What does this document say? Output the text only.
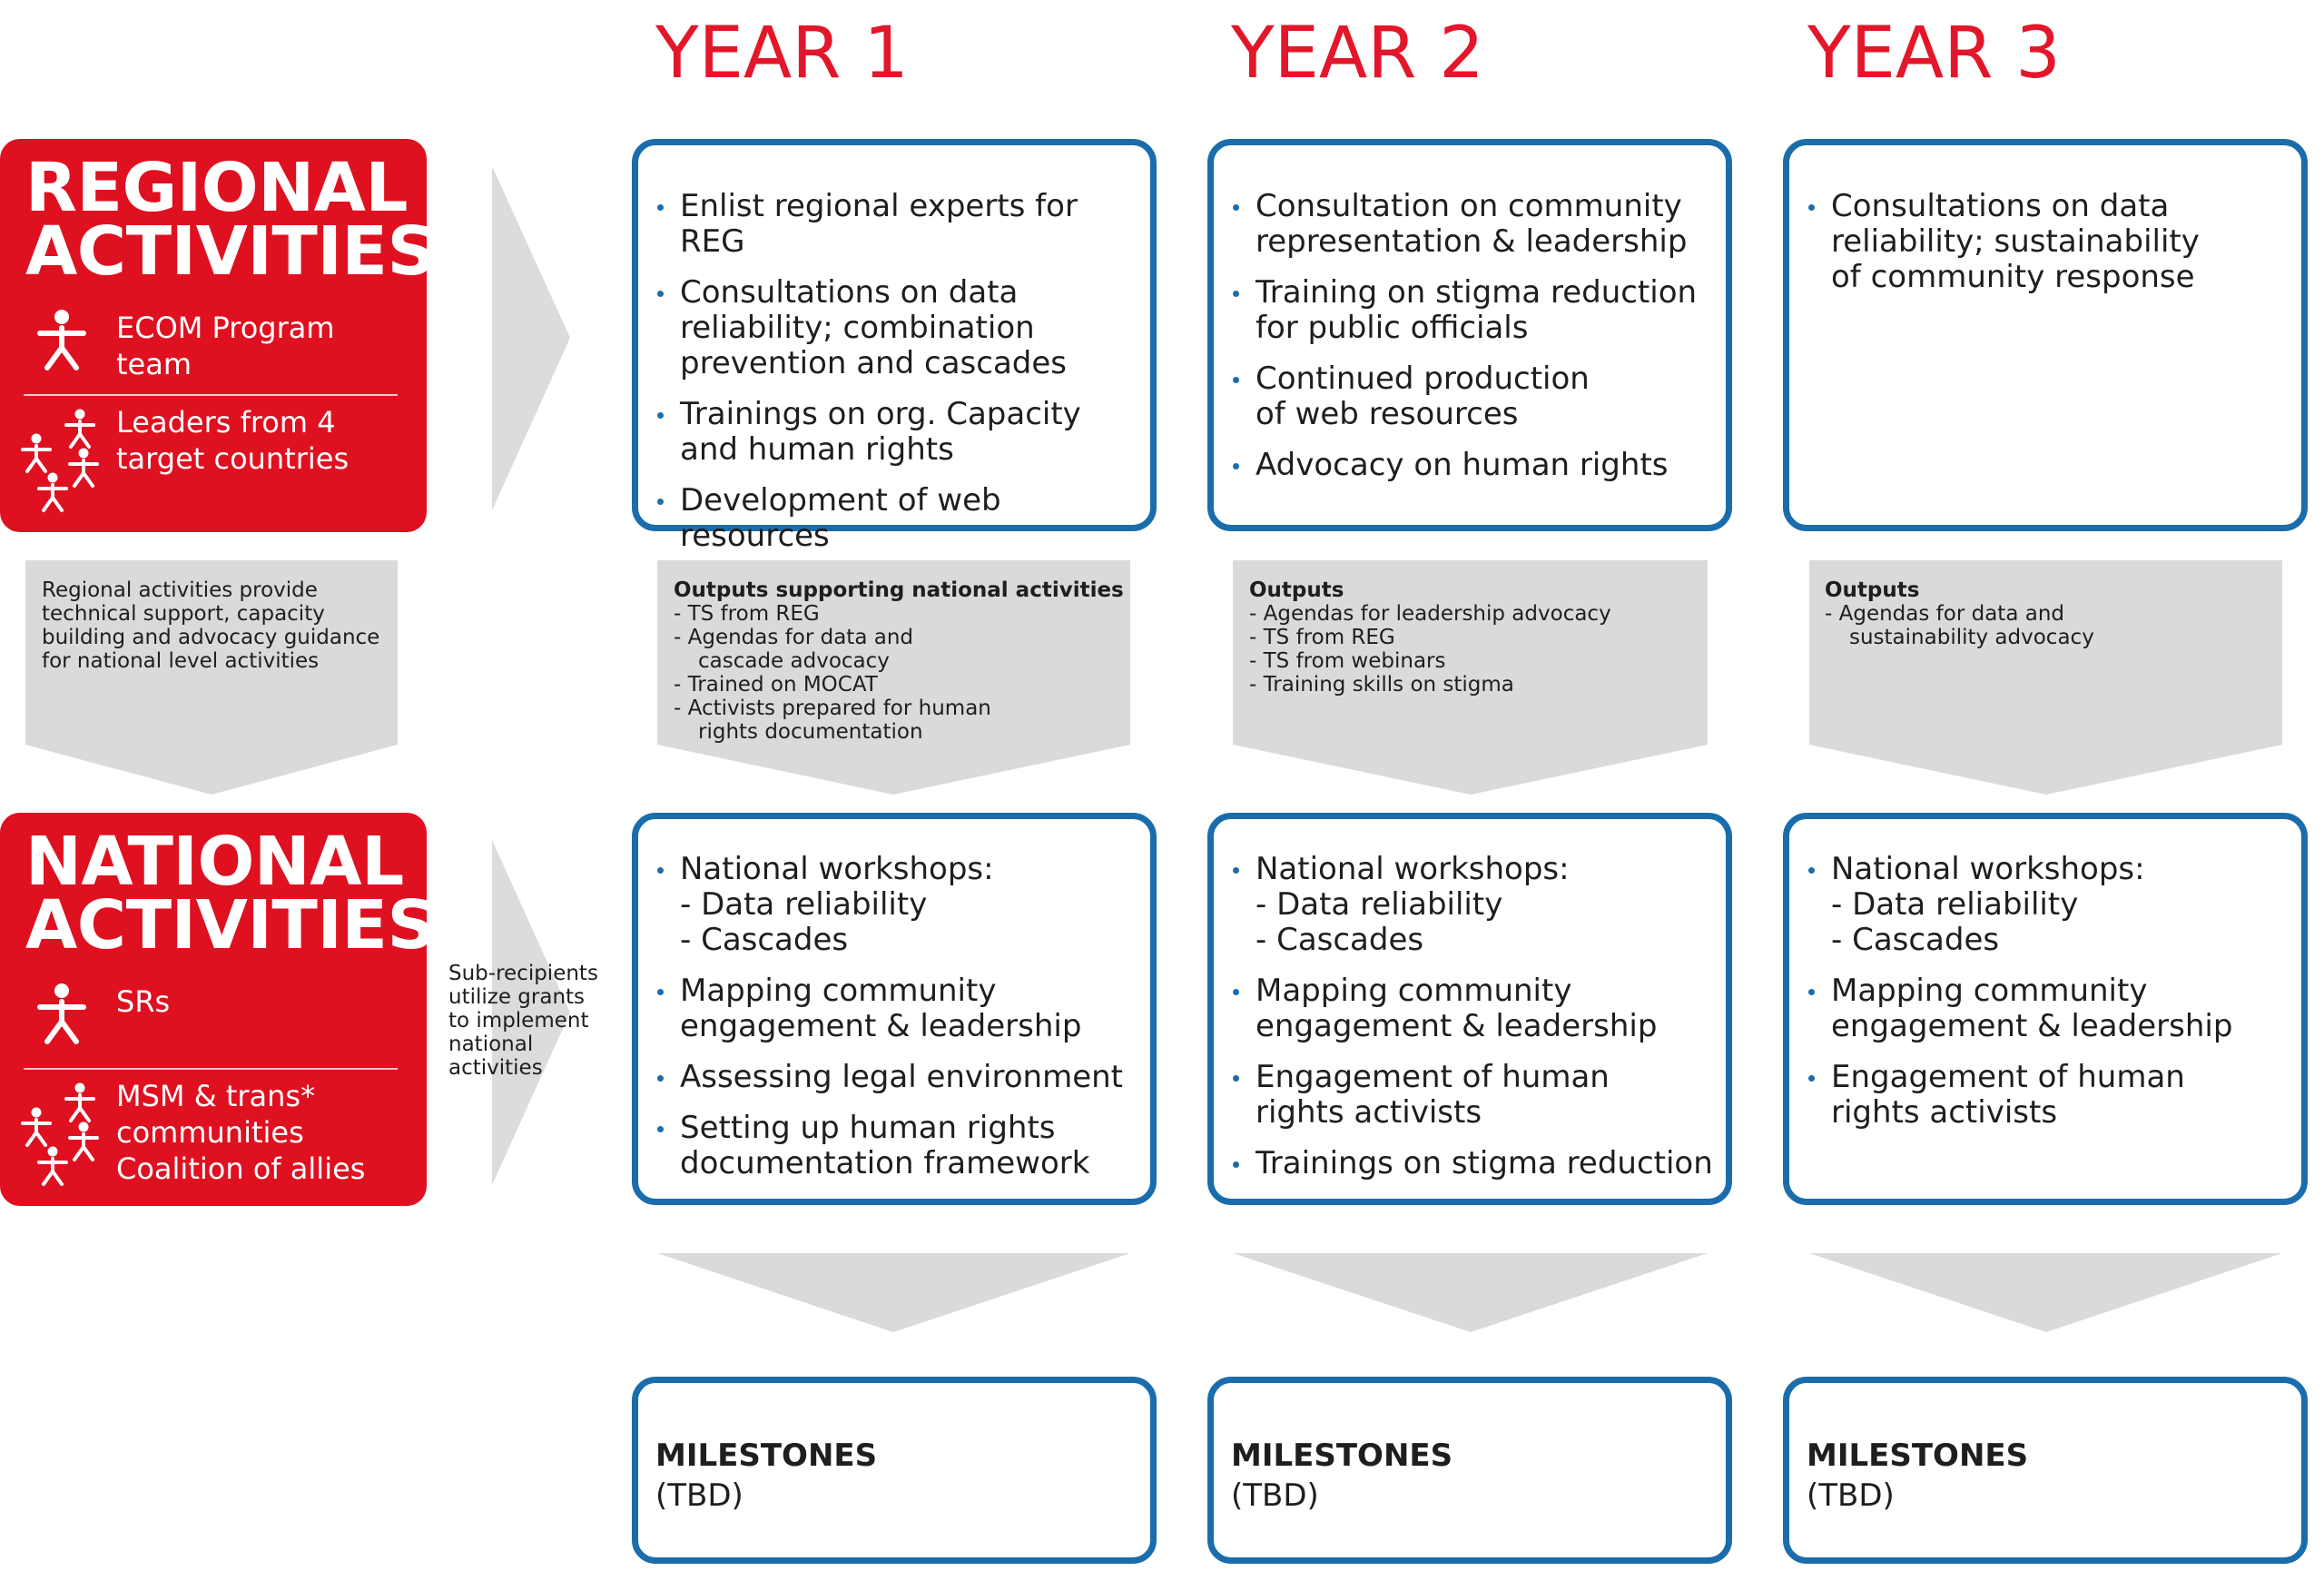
YEAR 1	YEAR 2	YEAR 3
REGIONAL
ACTIVITIES
ECOM Program
team
Leaders from 4
target countries
Regional activities provide
technical support, capacity
building and advocacy guidance
for national level activities
Enlist regional experts for REG
Consultations on data
reliability; combination
prevention and cascades
Trainings on org. Capacity
and human rights
Development of web resources
Consultation on community
representation & leadership
Training on stigma reduction
for public officials
Continued production
of web resources
Advocacy on human rights
Consultations on data
reliability; sustainability
of community response
Outputs supporting national activities
- TS from REG
- Agendas for data and
cascade advocacy
- Trained on MOCAT
- Activists prepared for human
rights documentation
Outputs
- Agendas for leadership advocacy
- TS from REG
- TS from webinars
- Training skills on stigma
Outputs
- Agendas for data and
sustainability advocacy
NATIONAL
ACTIVITIES
SRs
MSM & trans*
communities
Coalition of allies
Sub-recipients
utilize grants
to implement
national
activities
National workshops:
- Data reliability
- Cascades
Mapping community
engagement & leadership
Assessing legal environment
Setting up human rights
documentation framework
National workshops:
- Data reliability
- Cascades
Mapping community
engagement & leadership
Engagement of human
rights activists
Trainings on stigma reduction
National workshops:
- Data reliability
- Cascades
Mapping community
engagement & leadership
Engagement of human
rights activists
MILESTONES
(TBD)
MILESTONES
(TBD)
MILESTONES
(TBD)
